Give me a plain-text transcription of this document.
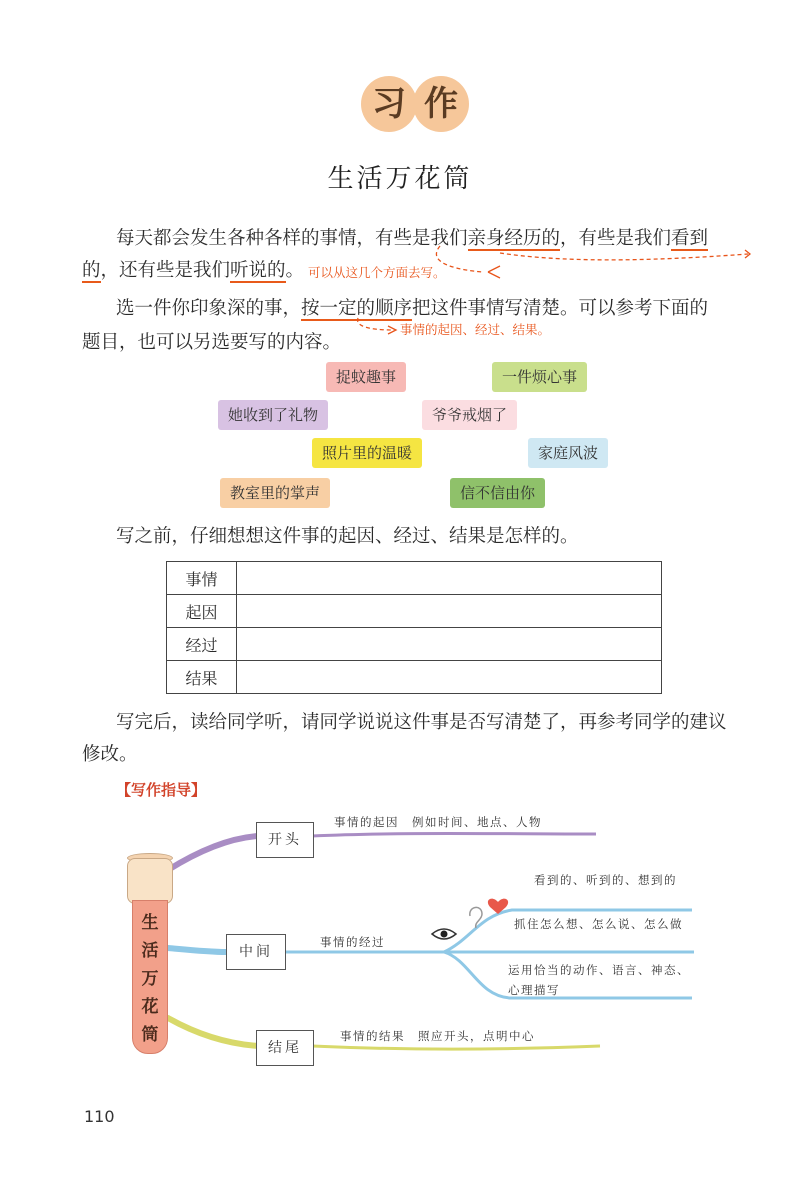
习 作
生活万花筒
每天都会发生各种各样的事情，有些是我们亲身经历的，有些是我们看到
的，还有些是我们听说的。 可以从这几个方面去写。
选一件你印象深的事，按一定的顺序把这件事情写清楚。可以参考下面的
题目，也可以另选要写的内容。
事情的起因、经过、结果。
捉蚊趣事	一件烦心事
她收到了礼物	爷爷戒烟了
照片里的温暖	家庭风波
教室里的掌声	信不信由你
写之前，仔细想想这件事的起因、经过、结果是怎样的。
事情	
起因	
经过	
结果	
写完后，读给同学听，请同学说说这件事是否写清楚了，再参考同学的建议
修改。
【写作指导】
生
活
万
花
筒
开头
事情的起因　例如时间、地点、人物
中间
事情的经过
看到的、听到的、想到的
抓住怎么想、怎么说、怎么做
运用恰当的动作、语言、神态、心理描写
结尾
事情的结果　照应开头，点明中心
110
